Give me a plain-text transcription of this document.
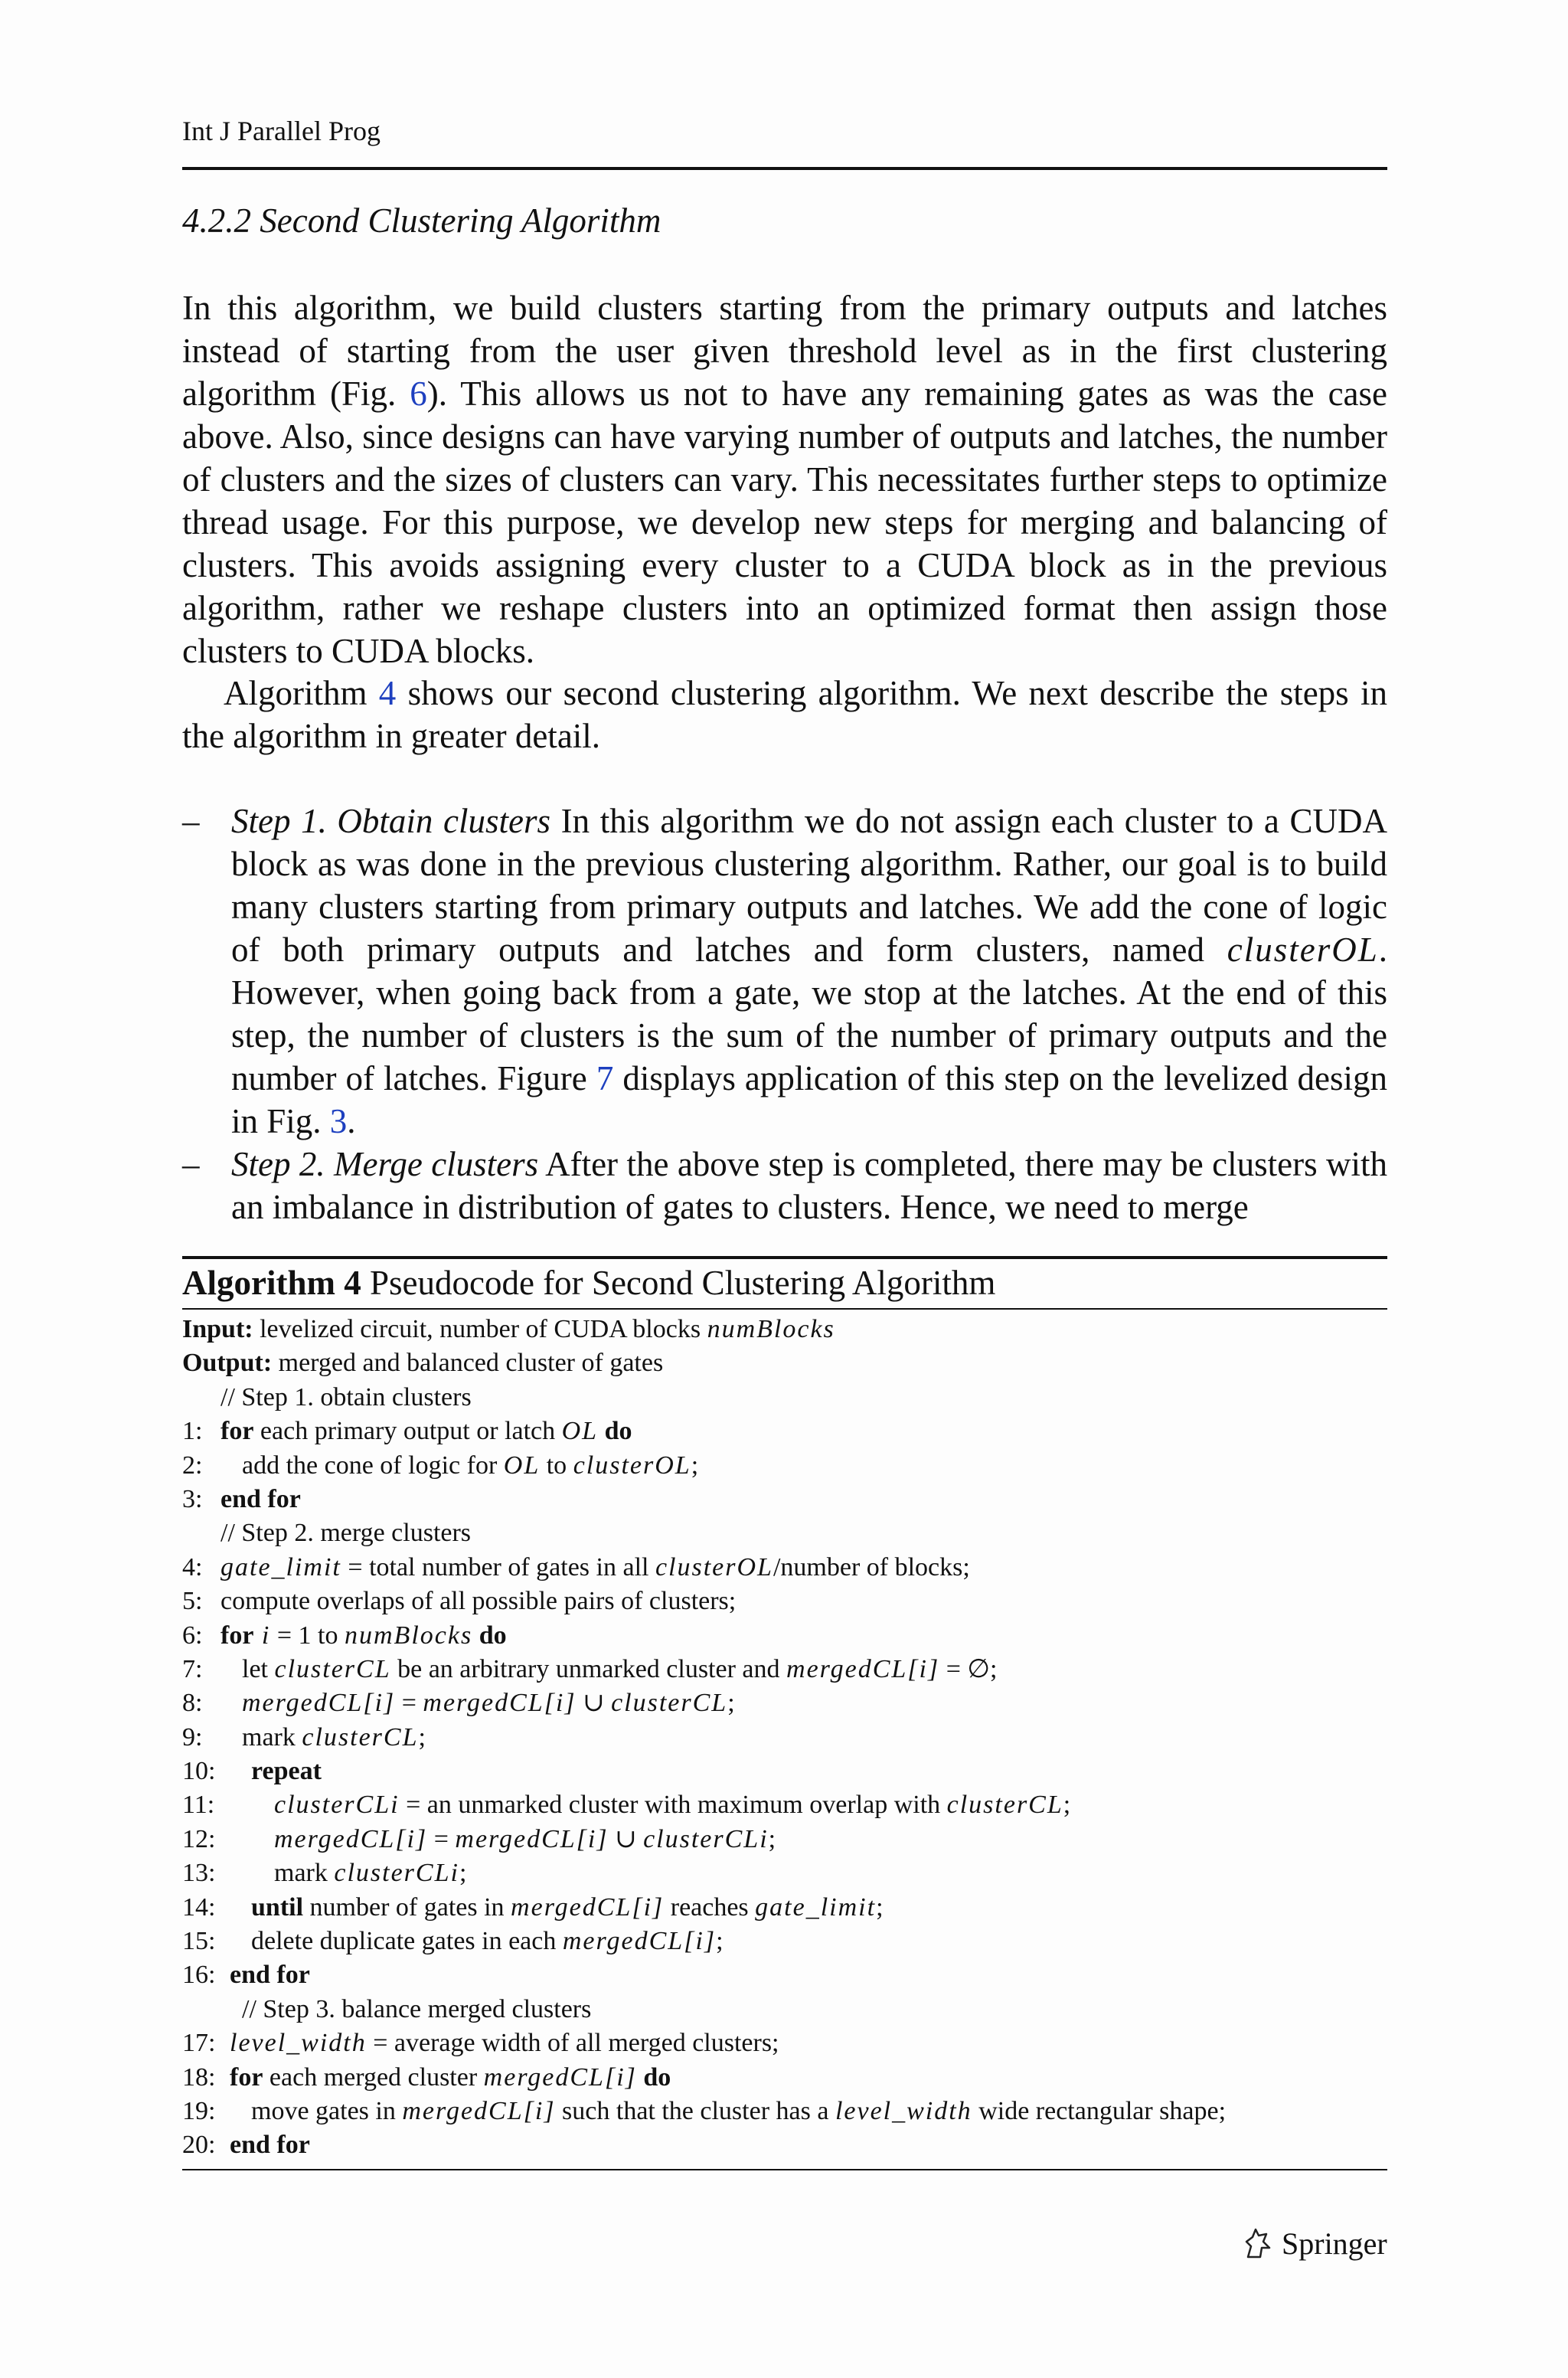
Int J Parallel Prog
4.2.2 Second Clustering Algorithm
In this algorithm, we build clusters starting from the primary outputs and latches instead of starting from the user given threshold level as in the first clustering algorithm (Fig. 6). This allows us not to have any remaining gates as was the case above. Also, since designs can have varying number of outputs and latches, the number of clusters and the sizes of clusters can vary. This necessitates further steps to optimize thread usage. For this purpose, we develop new steps for merging and balancing of clusters. This avoids assigning every cluster to a CUDA block as in the previous algorithm, rather we reshape clusters into an optimized format then assign those clusters to CUDA blocks.
Algorithm 4 shows our second clustering algorithm. We next describe the steps in the algorithm in greater detail.
– Step 1. Obtain clusters In this algorithm we do not assign each cluster to a CUDA block as was done in the previous clustering algorithm. Rather, our goal is to build many clusters starting from primary outputs and latches. We add the cone of logic of both primary outputs and latches and form clusters, named clusterOL. However, when going back from a gate, we stop at the latches. At the end of this step, the number of clusters is the sum of the number of primary outputs and the number of latches. Figure 7 displays application of this step on the levelized design in Fig. 3.
– Step 2. Merge clusters After the above step is completed, there may be clusters with an imbalance in distribution of gates to clusters. Hence, we need to merge
Algorithm 4 Pseudocode for Second Clustering Algorithm
Input: levelized circuit, number of CUDA blocks numBlocks
Output: merged and balanced cluster of gates
// Step 1. obtain clusters
1: for each primary output or latch OL do
2: add the cone of logic for OL to clusterOL;
3: end for
// Step 2. merge clusters
4: gate_limit = total number of gates in all clusterOL/number of blocks;
5: compute overlaps of all possible pairs of clusters;
6: for i = 1 to numBlocks do
7: let clusterCL be an arbitrary unmarked cluster and mergedCL[i] = ∅;
8: mergedCL[i] = mergedCL[i] ∪ clusterCL;
9: mark clusterCL;
10: repeat
11: clusterCLi = an unmarked cluster with maximum overlap with clusterCL;
12: mergedCL[i] = mergedCL[i] ∪ clusterCLi;
13: mark clusterCLi;
14: until number of gates in mergedCL[i] reaches gate_limit;
15: delete duplicate gates in each mergedCL[i];
16: end for
// Step 3. balance merged clusters
17: level_width = average width of all merged clusters;
18: for each merged cluster mergedCL[i] do
19: move gates in mergedCL[i] such that the cluster has a level_width wide rectangular shape;
20: end for
Springer
